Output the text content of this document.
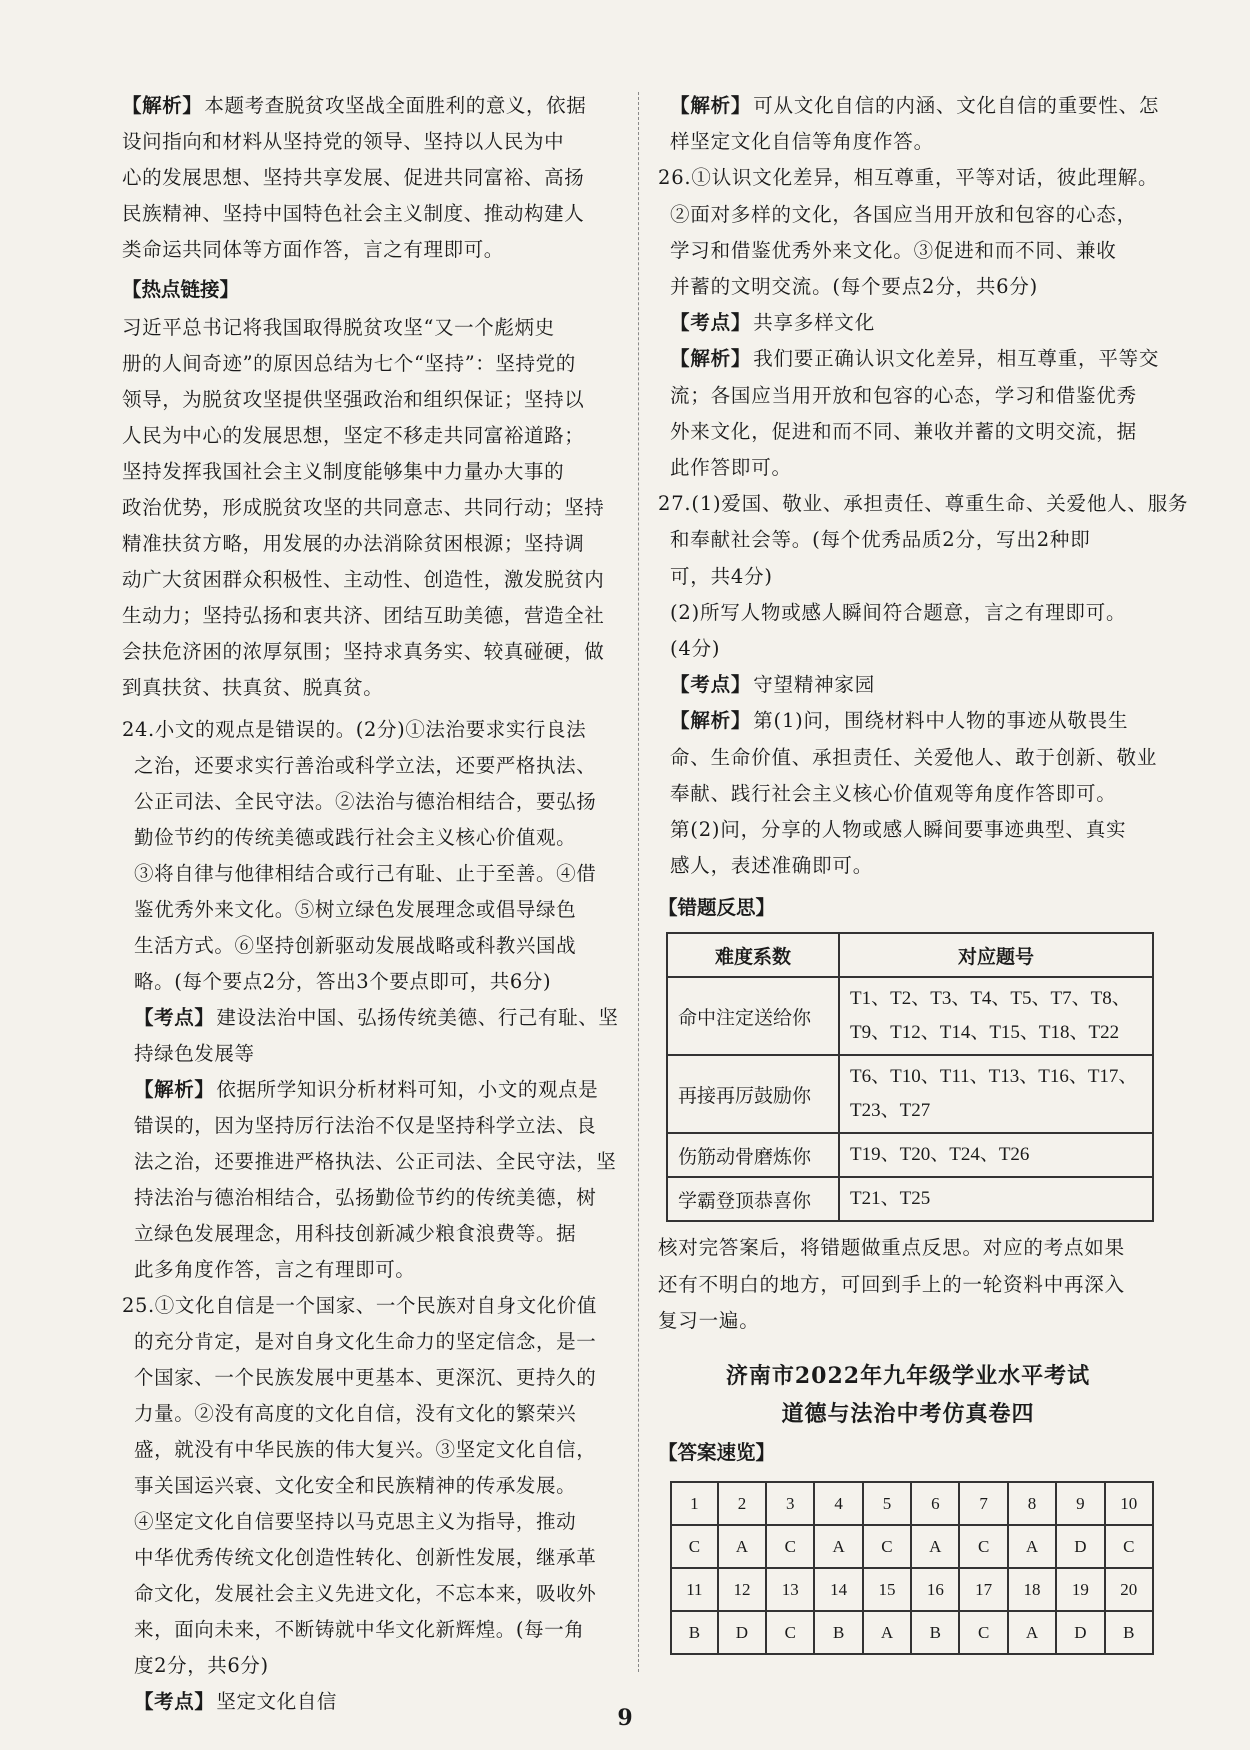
【 解析 】 本题考查脱贫攻坚战全面胜利的意义，依据
设问指向和材料从坚持党的领导、坚持以人民为中
心的发展思想、坚持共享发展、促进共同富裕、高扬
民族精神、坚持中国特色社会主义制度、推动构建人
类命运共同体等方面作答，言之有理即可。
【 热点链接 】
习近平总书记将我国取得脱贫攻坚“又一个彪炳史
册的人间奇迹”的原因总结为七个“坚持”：坚持党的
领导，为脱贫攻坚提供坚强政治和组织保证；坚持以
人民为中心的发展思想，坚定不移走共同富裕道路；
坚持发挥我国社会主义制度能够集中力量办大事的
政治优势，形成脱贫攻坚的共同意志、共同行动；坚持
精准扶贫方略，用发展的办法消除贫困根源；坚持调
动广大贫困群众积极性、主动性、创造性，激发脱贫内
生动力；坚持弘扬和衷共济、团结互助美德，营造全社
会扶危济困的浓厚氛围；坚持求真务实、较真碰硬，做
到真扶贫、扶真贫、脱真贫。
24.小文的观点是错误的。(2分)①法治要求实行良法
之治，还要求实行善治或科学立法，还要严格执法、
公正司法、全民守法。②法治与德治相结合，要弘扬
勤俭节约的传统美德或践行社会主义核心价值观。
③将自律与他律相结合或行己有耻、止于至善。④借
鉴优秀外来文化。⑤树立绿色发展理念或倡导绿色
生活方式。⑥坚持创新驱动发展战略或科教兴国战
略。(每个要点2分，答出3个要点即可，共6分)
【 考点 】 建设法治中国、弘扬传统美德、行己有耻、坚
持绿色发展等
【 解析 】 依据所学知识分析材料可知，小文的观点是
错误的，因为坚持厉行法治不仅是坚持科学立法、良
法之治，还要推进严格执法、公正司法、全民守法，坚
持法治与德治相结合，弘扬勤俭节约的传统美德，树
立绿色发展理念，用科技创新减少粮食浪费等。据
此多角度作答，言之有理即可。
25.①文化自信是一个国家、一个民族对自身文化价值
的充分肯定，是对自身文化生命力的坚定信念，是一
个国家、一个民族发展中更基本、更深沉、更持久的
力量。②没有高度的文化自信，没有文化的繁荣兴
盛，就没有中华民族的伟大复兴。③坚定文化自信，
事关国运兴衰、文化安全和民族精神的传承发展。
④坚定文化自信要坚持以马克思主义为指导，推动
中华优秀传统文化创造性转化、创新性发展，继承革
命文化，发展社会主义先进文化，不忘本来，吸收外
来，面向未来，不断铸就中华文化新辉煌。(每一角
度2分，共6分)
【 考点 】 坚定文化自信
【 解析 】 可从文化自信的内涵、文化自信的重要性、怎
样坚定文化自信等角度作答。
26.①认识文化差异，相互尊重，平等对话，彼此理解。
②面对多样的文化，各国应当用开放和包容的心态，
学习和借鉴优秀外来文化。③促进和而不同、兼收
并蓄的文明交流。(每个要点2分，共6分)
【 考点 】 共享多样文化
【 解析 】 我们要正确认识文化差异，相互尊重，平等交
流；各国应当用开放和包容的心态，学习和借鉴优秀
外来文化，促进和而不同、兼收并蓄的文明交流，据
此作答即可。
27.(1)爱国、敬业、承担责任、尊重生命、关爱他人、服务
和奉献社会等。(每个优秀品质2分，写出2种即
可，共4分)
(2)所写人物或感人瞬间符合题意，言之有理即可。
(4分)
【 考点 】 守望精神家园
【 解析 】 第(1)问，围绕材料中人物的事迹从敬畏生
命、生命价值、承担责任、关爱他人、敢于创新、敬业
奉献、践行社会主义核心价值观等角度作答即可。
第(2)问，分享的人物或感人瞬间要事迹典型、真实
感人，表述准确即可。
【 错题反思 】
难度系数	对应题号
命中注定送给你	T1、T2、T3、T4、T5、T7、T8、T9、T12、T14、T15、T18、T22
再接再厉鼓励你	T6、T10、T11、T13、T16、T17、T23、T27
伤筋动骨磨炼你	T19、T20、T24、T26
学霸登顶恭喜你	T21、T25
核对完答案后，将错题做重点反思。对应的考点如果
还有不明白的地方，可回到手上的一轮资料中再深入
复习一遍。
济南市2022年九年级学业水平考试
道德与法治中考仿真卷四
【 答案速览 】
1	2	3	4	5	6	7	8	9	10
C	A	C	A	C	A	C	A	D	C
11	12	13	14	15	16	17	18	19	20
B	D	C	B	A	B	C	A	D	B
9
